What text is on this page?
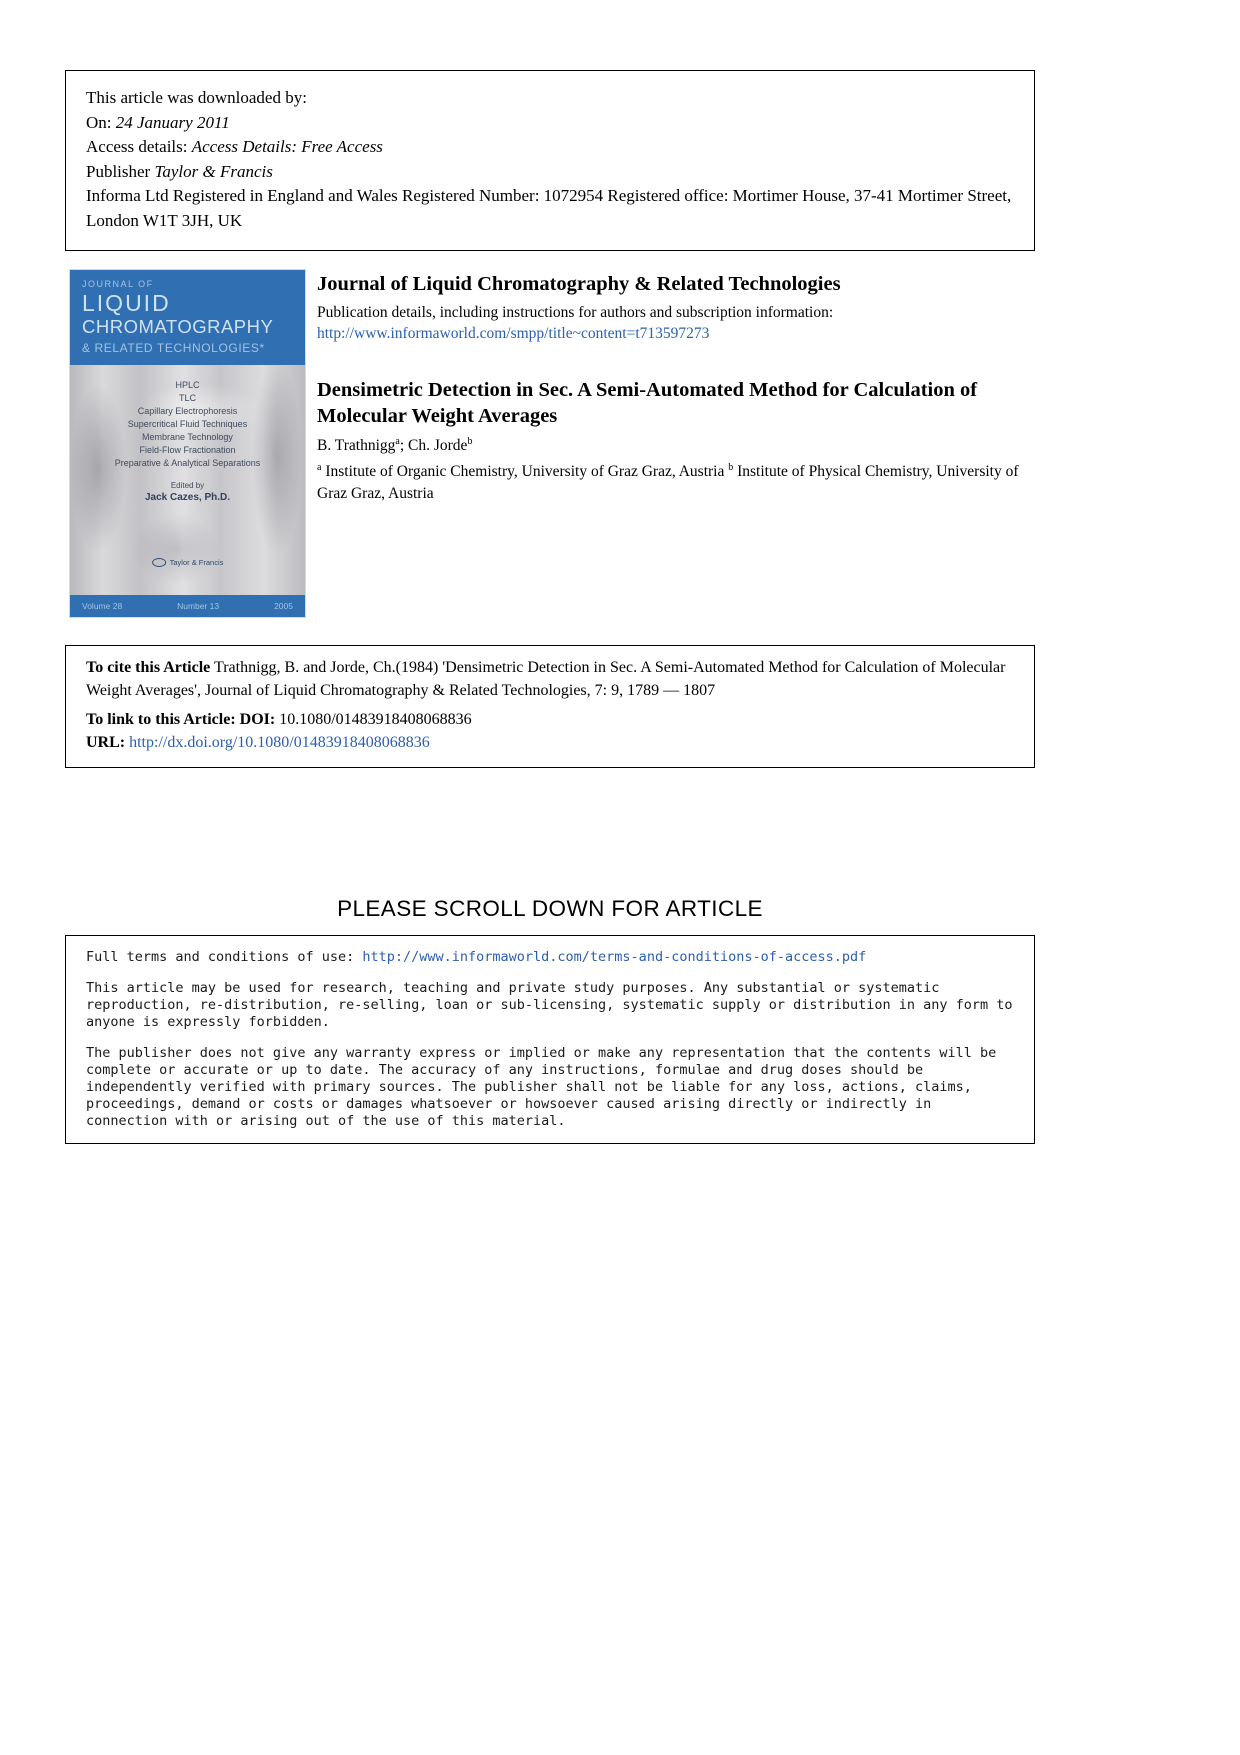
This article was downloaded by:

On: 24 January 2011

Access details: Access Details: Free Access

Publisher Taylor & Francis

Informa Ltd Registered in England and Wales Registered Number: 1072954 Registered office: Mortimer House, 37-41 Mortimer Street, London W1T 3JH, UK

JOURNAL OF
LIQUID
CHROMATOGRAPHY
& RELATED TECHNOLOGIES*
HPLC
TLC
Capillary Electrophoresis
Supercritical Fluid Techniques
Membrane Technology
Field-Flow Fractionation
Preparative & Analytical Separations
Edited by
Jack Cazes, Ph.D.
Taylor & Francis
Volume 28	Number 13	2005
Journal of Liquid Chromatography & Related Technologies

Publication details, including instructions for authors and subscription information:

http://www.informaworld.com/smpp/title~content=t713597273
Densimetric Detection in Sec. A Semi-Automated Method for Calculation of Molecular Weight Averages

B. Trathnigg$^a$; Ch. Jorde$^b$

$^a$ Institute of Organic Chemistry, University of Graz Graz, Austria $^b$ Institute of Physical Chemistry, University of Graz Graz, Austria

To cite this Article Trathnigg, B. and Jorde, Ch.(1984) 'Densimetric Detection in Sec. A Semi-Automated Method for Calculation of Molecular Weight Averages', Journal of Liquid Chromatography & Related Technologies, 7: 9, 1789 — 1807

To link to this Article: DOI: 10.1080/01483918408068836

URL: http://dx.doi.org/10.1080/01483918408068836

PLEASE SCROLL DOWN FOR ARTICLE

Full terms and conditions of use: http://www.informaworld.com/terms-and-conditions-of-access.pdf

This article may be used for research, teaching and private study purposes. Any substantial or systematic reproduction, re-distribution, re-selling, loan or sub-licensing, systematic supply or distribution in any form to anyone is expressly forbidden.

The publisher does not give any warranty express or implied or make any representation that the contents will be complete or accurate or up to date. The accuracy of any instructions, formulae and drug doses should be independently verified with primary sources. The publisher shall not be liable for any loss, actions, claims, proceedings, demand or costs or damages whatsoever or howsoever caused arising directly or indirectly in connection with or arising out of the use of this material.
